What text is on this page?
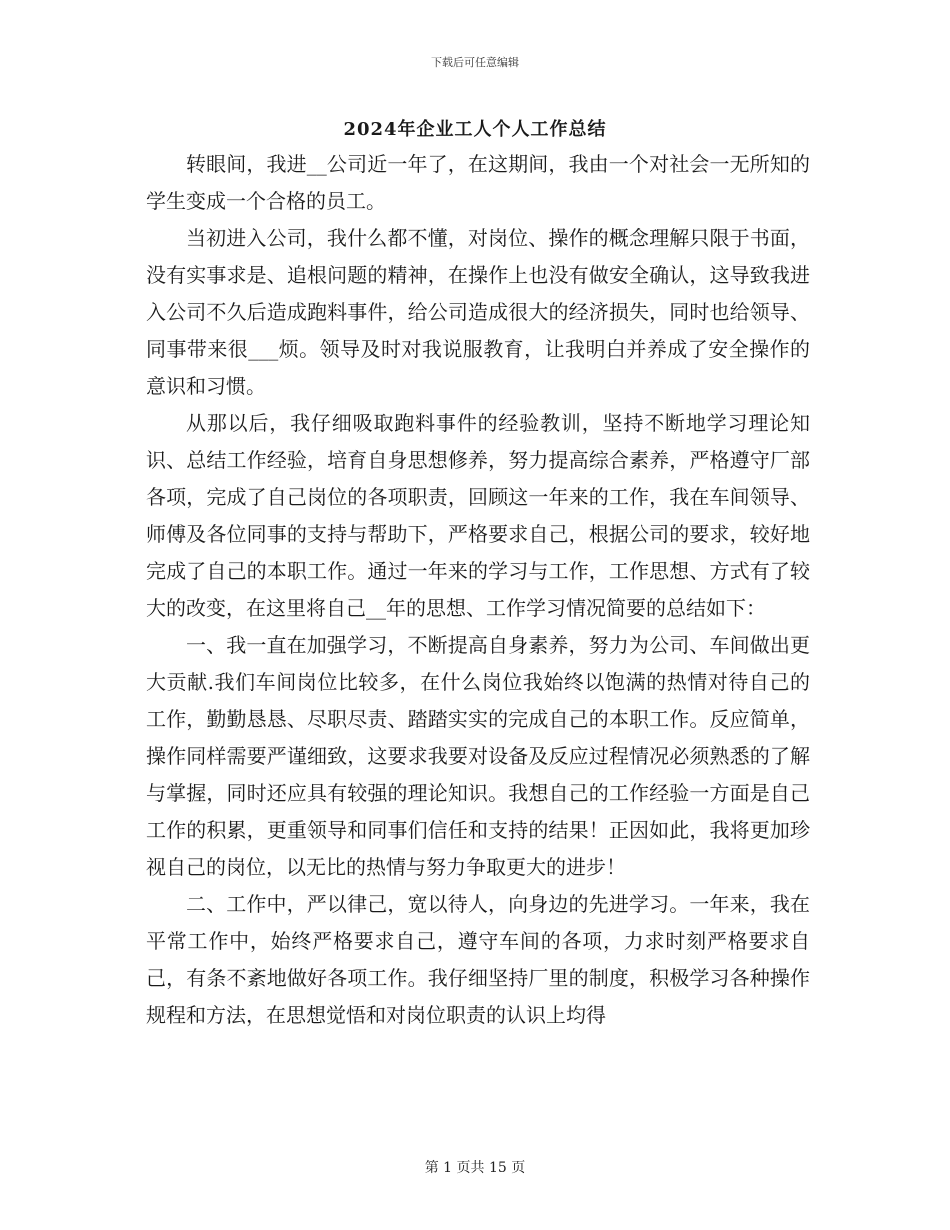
下载后可任意编辑
2024年企业工人个人工作总结

转眼间，我进__公司近一年了，在这期间，我由一个对社会一无所知的学生变成一个合格的员工。

当初进入公司，我什么都不懂，对岗位、操作的概念理解只限于书面，没有实事求是、追根问题的精神，在操作上也没有做安全确认，这导致我进入公司不久后造成跑料事件，给公司造成很大的经济损失，同时也给领导、同事带来很___烦。领导及时对我说服教育，让我明白并养成了安全操作的意识和习惯。

从那以后，我仔细吸取跑料事件的经验教训，坚持不断地学习理论知识、总结工作经验，培育自身思想修养，努力提高综合素养，严格遵守厂部各项，完成了自己岗位的各项职责，回顾这一年来的工作，我在车间领导、师傅及各位同事的支持与帮助下，严格要求自己，根据公司的要求，较好地完成了自己的本职工作。通过一年来的学习与工作，工作思想、方式有了较大的改变，在这里将自己__年的思想、工作学习情况简要的总结如下：

一、我一直在加强学习，不断提高自身素养，努力为公司、车间做出更大贡献.我们车间岗位比较多，在什么岗位我始终以饱满的热情对待自己的工作，勤勤恳恳、尽职尽责、踏踏实实的完成自己的本职工作。反应简单，操作同样需要严谨细致，这要求我要对设备及反应过程情况必须熟悉的了解与掌握，同时还应具有较强的理论知识。我想自己的工作经验一方面是自己工作的积累，更重领导和同事们信任和支持的结果！正因如此，我将更加珍视自己的岗位，以无比的热情与努力争取更大的进步！

二、工作中，严以律己，宽以待人，向身边的先进学习。一年来，我在平常工作中，始终严格要求自己，遵守车间的各项，力求时刻严格要求自己，有条不紊地做好各项工作。我仔细坚持厂里的制度，积极学习各种操作规程和方法，在思想觉悟和对岗位职责的认识上均得

第 1 页共 15 页
